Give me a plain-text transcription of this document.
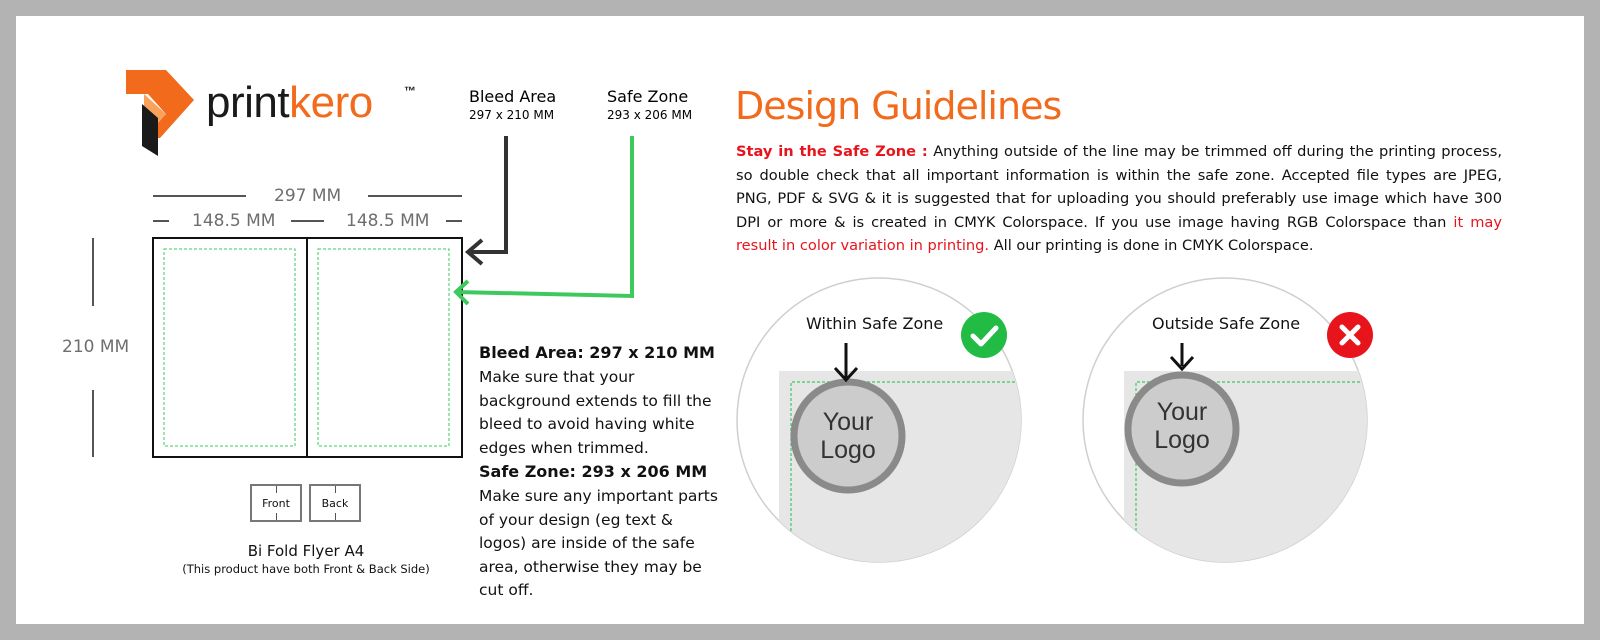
printkero	™	Bleed Area
297 x 210 MM
Safe Zone
293 x 206 MM
297 MM
148.5 MM	148.5 MM
210 MM	Bleed Area: 297 x 210 MM
Make sure that your background extends to fill the bleed to avoid having white edges when trimmed.
Safe Zone: 293 x 206 MM
Make sure any important parts of your design (eg text & logos) are inside of the safe area, otherwise they may be cut off.
Front	Back
Bi Fold Flyer A4
(This product have both Front & Back Side)
Design Guidelines
Stay in the Safe Zone : Anything outside of the line may be trimmed off during the printing process, so double check that all important information is within the safe zone. Accepted file types are JPEG, PNG, PDF & SVG & it is suggested that for uploading you should preferably use image which have 300 DPI or more & is created in CMYK Colorspace. If you use image having RGB Colorspace than it may result in color variation in printing. All our printing is done in CMYK Colorspace.
Within Safe Zone
Your
Logo
Outside Safe Zone
Your
Logo
